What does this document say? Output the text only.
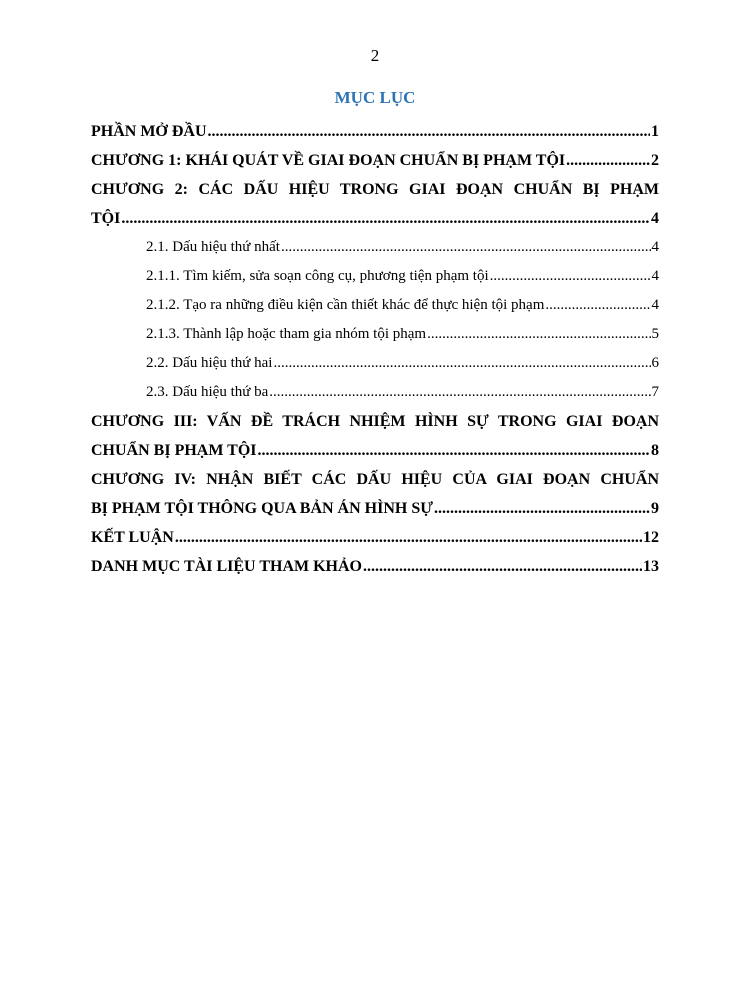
2
MỤC LỤC
PHẦN MỞ ĐẦU .....	1
CHƯƠNG 1: KHÁI QUÁT VỀ GIAI ĐOẠN CHUẨN BỊ PHẠM TỘI .....	2
CHƯƠNG 2: CÁC DẤU HIỆU TRONG GIAI ĐOẠN CHUẨN BỊ PHẠM
TỘI .....	4
2.1. Dấu hiệu thứ nhất .....	4
2.1.1. Tìm kiếm, sửa soạn công cụ, phương tiện phạm tội .....	4
2.1.2. Tạo ra những điều kiện cần thiết khác để thực hiện tội phạm .....	4
2.1.3. Thành lập hoặc tham gia nhóm tội phạm .....	5
2.2. Dấu hiệu thứ hai .....	6
2.3. Dấu hiệu thứ ba .....	7
CHƯƠNG III: VẤN ĐỀ TRÁCH NHIỆM HÌNH SỰ TRONG GIAI ĐOẠN
CHUẨN BỊ PHẠM TỘI .....	8
CHƯƠNG IV: NHẬN BIẾT CÁC DẤU HIỆU CỦA GIAI ĐOẠN CHUẨN
BỊ PHẠM TỘI THÔNG QUA BẢN ÁN HÌNH SỰ .....	9
KẾT LUẬN .....	12
DANH MỤC TÀI LIỆU THAM KHẢO .....	13
